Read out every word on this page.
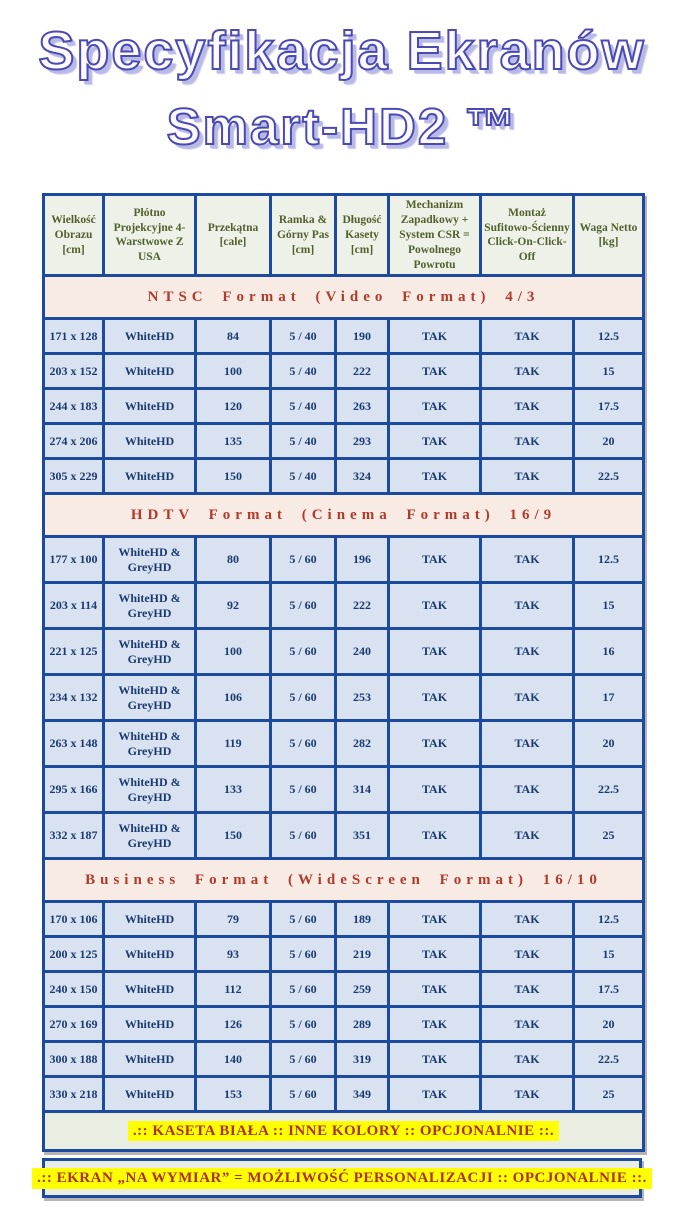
Specyfikacja Ekranów
Smart-HD2 ™
Wielkość Obrazu [cm]	Płótno Projekcyjne 4-Warstwowe Z USA	Przekątna [cale]	Ramka & Górny Pas [cm]	Długość Kasety [cm]	Mechanizm Zapadkowy + System CSR = Powolnego Powrotu	Montaż Sufitowo-Ścienny Click-On-Click-Off	Waga Netto [kg]
NTSC Format (Video Format) 4/3							
171 x 128	WhiteHD	84	5 / 40	190	TAK	TAK	12.5
203 x 152	WhiteHD	100	5 / 40	222	TAK	TAK	15
244 x 183	WhiteHD	120	5 / 40	263	TAK	TAK	17.5
274 x 206	WhiteHD	135	5 / 40	293	TAK	TAK	20
305 x 229	WhiteHD	150	5 / 40	324	TAK	TAK	22.5
HDTV Format (Cinema Format) 16/9							
177 x 100	WhiteHD & GreyHD	80	5 / 60	196	TAK	TAK	12.5
203 x 114	WhiteHD & GreyHD	92	5 / 60	222	TAK	TAK	15
221 x 125	WhiteHD & GreyHD	100	5 / 60	240	TAK	TAK	16
234 x 132	WhiteHD & GreyHD	106	5 / 60	253	TAK	TAK	17
263 x 148	WhiteHD & GreyHD	119	5 / 60	282	TAK	TAK	20
295 x 166	WhiteHD & GreyHD	133	5 / 60	314	TAK	TAK	22.5
332 x 187	WhiteHD & GreyHD	150	5 / 60	351	TAK	TAK	25
Business Format (WideScreen Format) 16/10							
170 x 106	WhiteHD	79	5 / 60	189	TAK	TAK	12.5
200 x 125	WhiteHD	93	5 / 60	219	TAK	TAK	15
240 x 150	WhiteHD	112	5 / 60	259	TAK	TAK	17.5
270 x 169	WhiteHD	126	5 / 60	289	TAK	TAK	20
300 x 188	WhiteHD	140	5 / 60	319	TAK	TAK	22.5
330 x 218	WhiteHD	153	5 / 60	349	TAK	TAK	25
.:: KASETA BIAŁA :: INNE KOLORY :: OPCJONALNIE ::.							
.:: EKRAN „NA WYMIAR” = MOŻLIWOŚĆ PERSONALIZACJI :: OPCJONALNIE ::.
